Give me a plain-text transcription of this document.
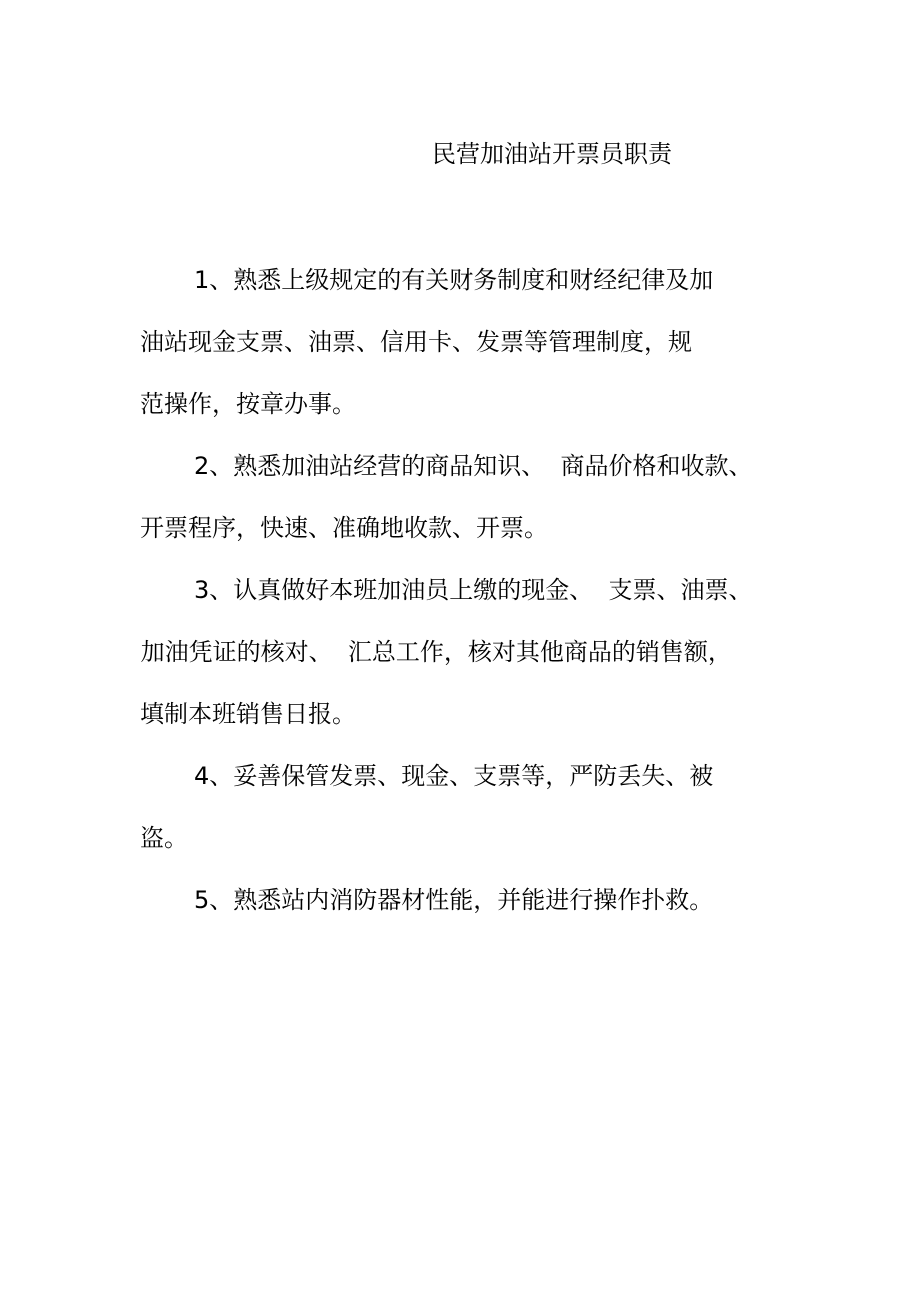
民营加油站开票员职责
1、熟悉上级规定的有关财务制度和财经纪律及加
油站现金支票、油票、信用卡、发票等管理制度，规
范操作，按章办事。
2、熟悉加油站经营的商品知识、  商品价格和收款、
开票程序，快速、准确地收款、开票。
3、认真做好本班加油员上缴的现金、  支票、油票、
加油凭证的核对、  汇总工作，核对其他商品的销售额，
填制本班销售日报。
4、妥善保管发票、现金、支票等，严防丢失、被
盗。
5、熟悉站内消防器材性能，并能进行操作扑救。
